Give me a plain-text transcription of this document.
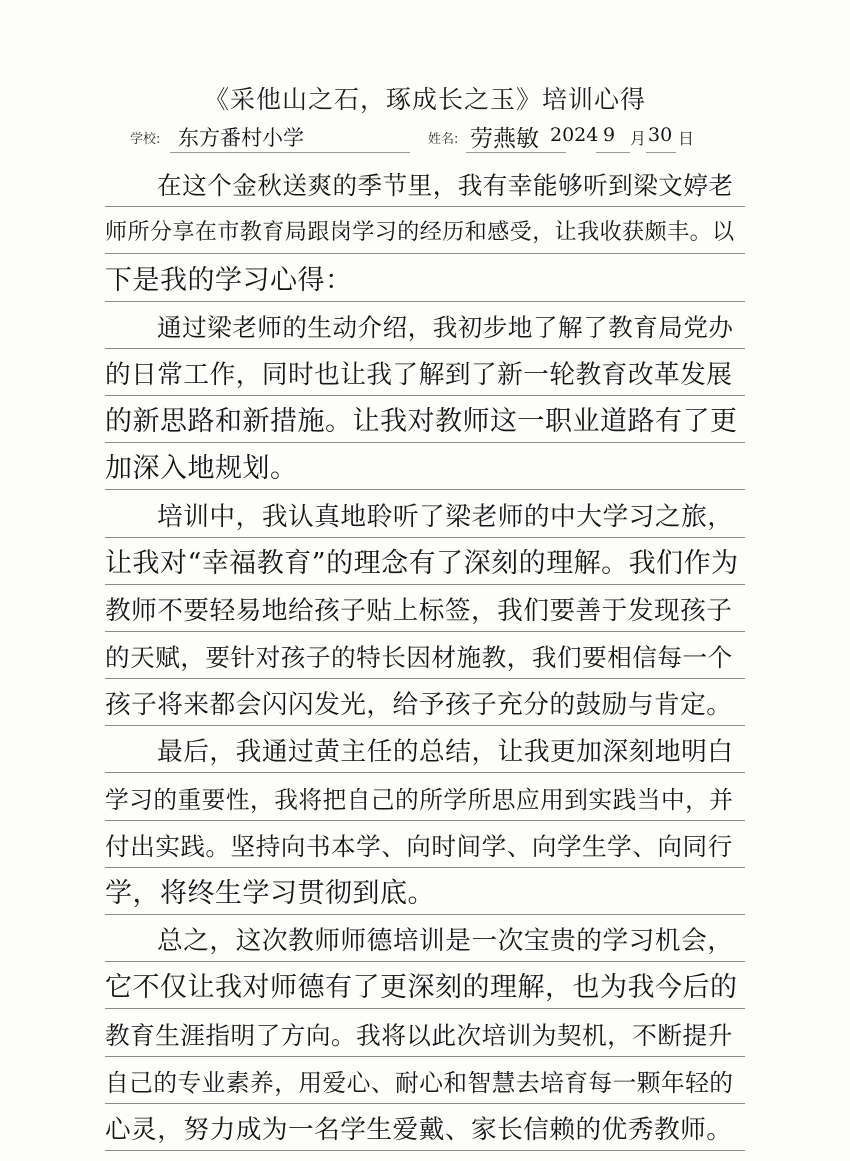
《采他山之石，琢成长之玉》培训心得
学校: 东方番村小学	姓名: 劳燕敏 2024 9 月 30 日
在这个金秋送爽的季节里，我有幸能够听到梁文婷老
师所分享在市教育局跟岗学习的经历和感受，让我收获颇丰。以
下是我的学习心得：
通过梁老师的生动介绍，我初步地了解了教育局党办
的日常工作，同时也让我了解到了新一轮教育改革发展
的新思路和新措施。让我对教师这一职业道路有了更
加深入地规划。
培训中，我认真地聆听了梁老师的中大学习之旅，
让我对“幸福教育”的理念有了深刻的理解。我们作为
教师不要轻易地给孩子贴上标签，我们要善于发现孩子
的天赋，要针对孩子的特长因材施教，我们要相信每一个
孩子将来都会闪闪发光，给予孩子充分的鼓励与肯定。
最后，我通过黄主任的总结，让我更加深刻地明白
学习的重要性，我将把自己的所学所思应用到实践当中，并
付出实践。坚持向书本学、向时间学、向学生学、向同行
学，将终生学习贯彻到底。
总之，这次教师师德培训是一次宝贵的学习机会，
它不仅让我对师德有了更深刻的理解，也为我今后的
教育生涯指明了方向。我将以此次培训为契机，不断提升
自己的专业素养，用爱心、耐心和智慧去培育每一颗年轻的
心灵，努力成为一名学生爱戴、家长信赖的优秀教师。
